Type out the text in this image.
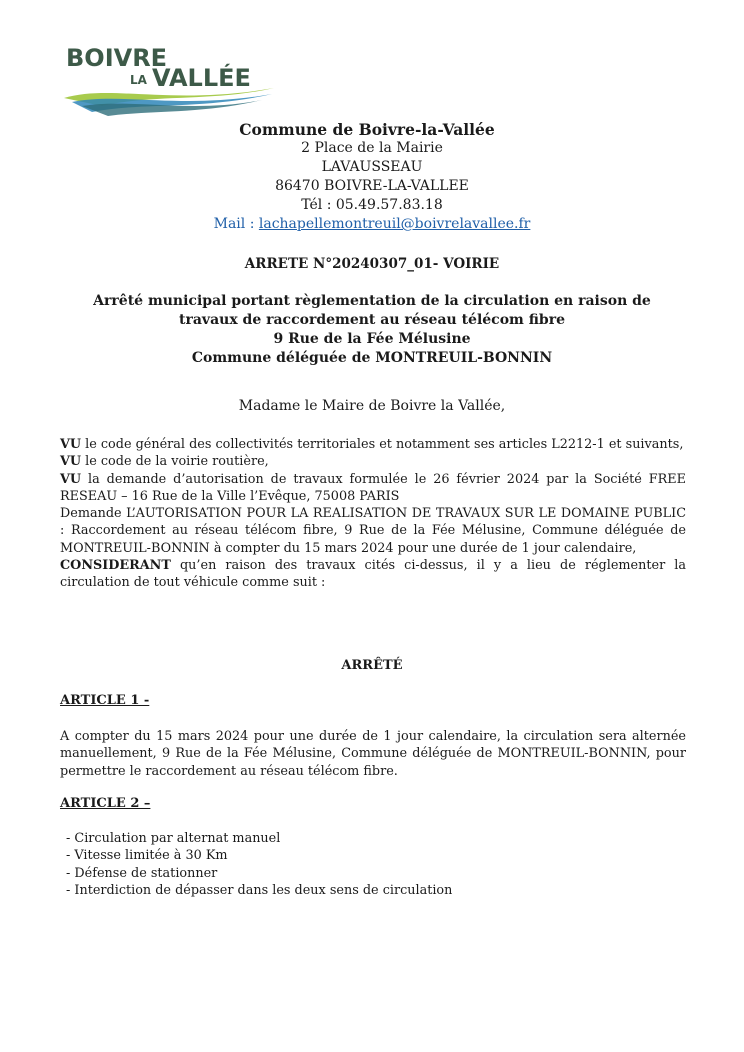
BOIVRE
LA VALLÉE
Commune de Boivre-la-Vallée
2 Place de la Mairie
LAVAUSSEAU
86470 BOIVRE-LA-VALLEE
Tél : 05.49.57.83.18
Mail : lachapellemontreuil@boivrelavallee.fr
ARRETE N°20240307_01- VOIRIE
Arrêté municipal portant règlementation de la circulation en raison de
travaux de raccordement au réseau télécom fibre
9 Rue de la Fée Mélusine
Commune déléguée de MONTREUIL-BONNIN
Madame le Maire de Boivre la Vallée,

VU le code général des collectivités territoriales et notamment ses articles L2212-1 et suivants,

VU le code de la voirie routière,

VU la demande d’autorisation de travaux formulée le 26 février 2024 par la Société FREE RESEAU – 16 Rue de la Ville l’Evêque, 75008 PARIS

Demande L’AUTORISATION POUR LA REALISATION DE TRAVAUX SUR LE DOMAINE PUBLIC : Raccordement au réseau télécom fibre, 9 Rue de la Fée Mélusine, Commune déléguée de MONTREUIL-BONNIN à compter du 15 mars 2024 pour une durée de 1 jour calendaire,

CONSIDERANT qu’en raison des travaux cités ci-dessus, il y a lieu de réglementer la circulation de tout véhicule comme suit :

ARRÊTÉ
ARTICLE 1 -
A compter du 15 mars 2024 pour une durée de 1 jour calendaire, la circulation sera alternée manuellement, 9 Rue de la Fée Mélusine, Commune déléguée de MONTREUIL-BONNIN, pour permettre le raccordement au réseau télécom fibre.
ARTICLE 2 –
- Circulation par alternat manuel
- Vitesse limitée à 30 Km
- Défense de stationner
- Interdiction de dépasser dans les deux sens de circulation
